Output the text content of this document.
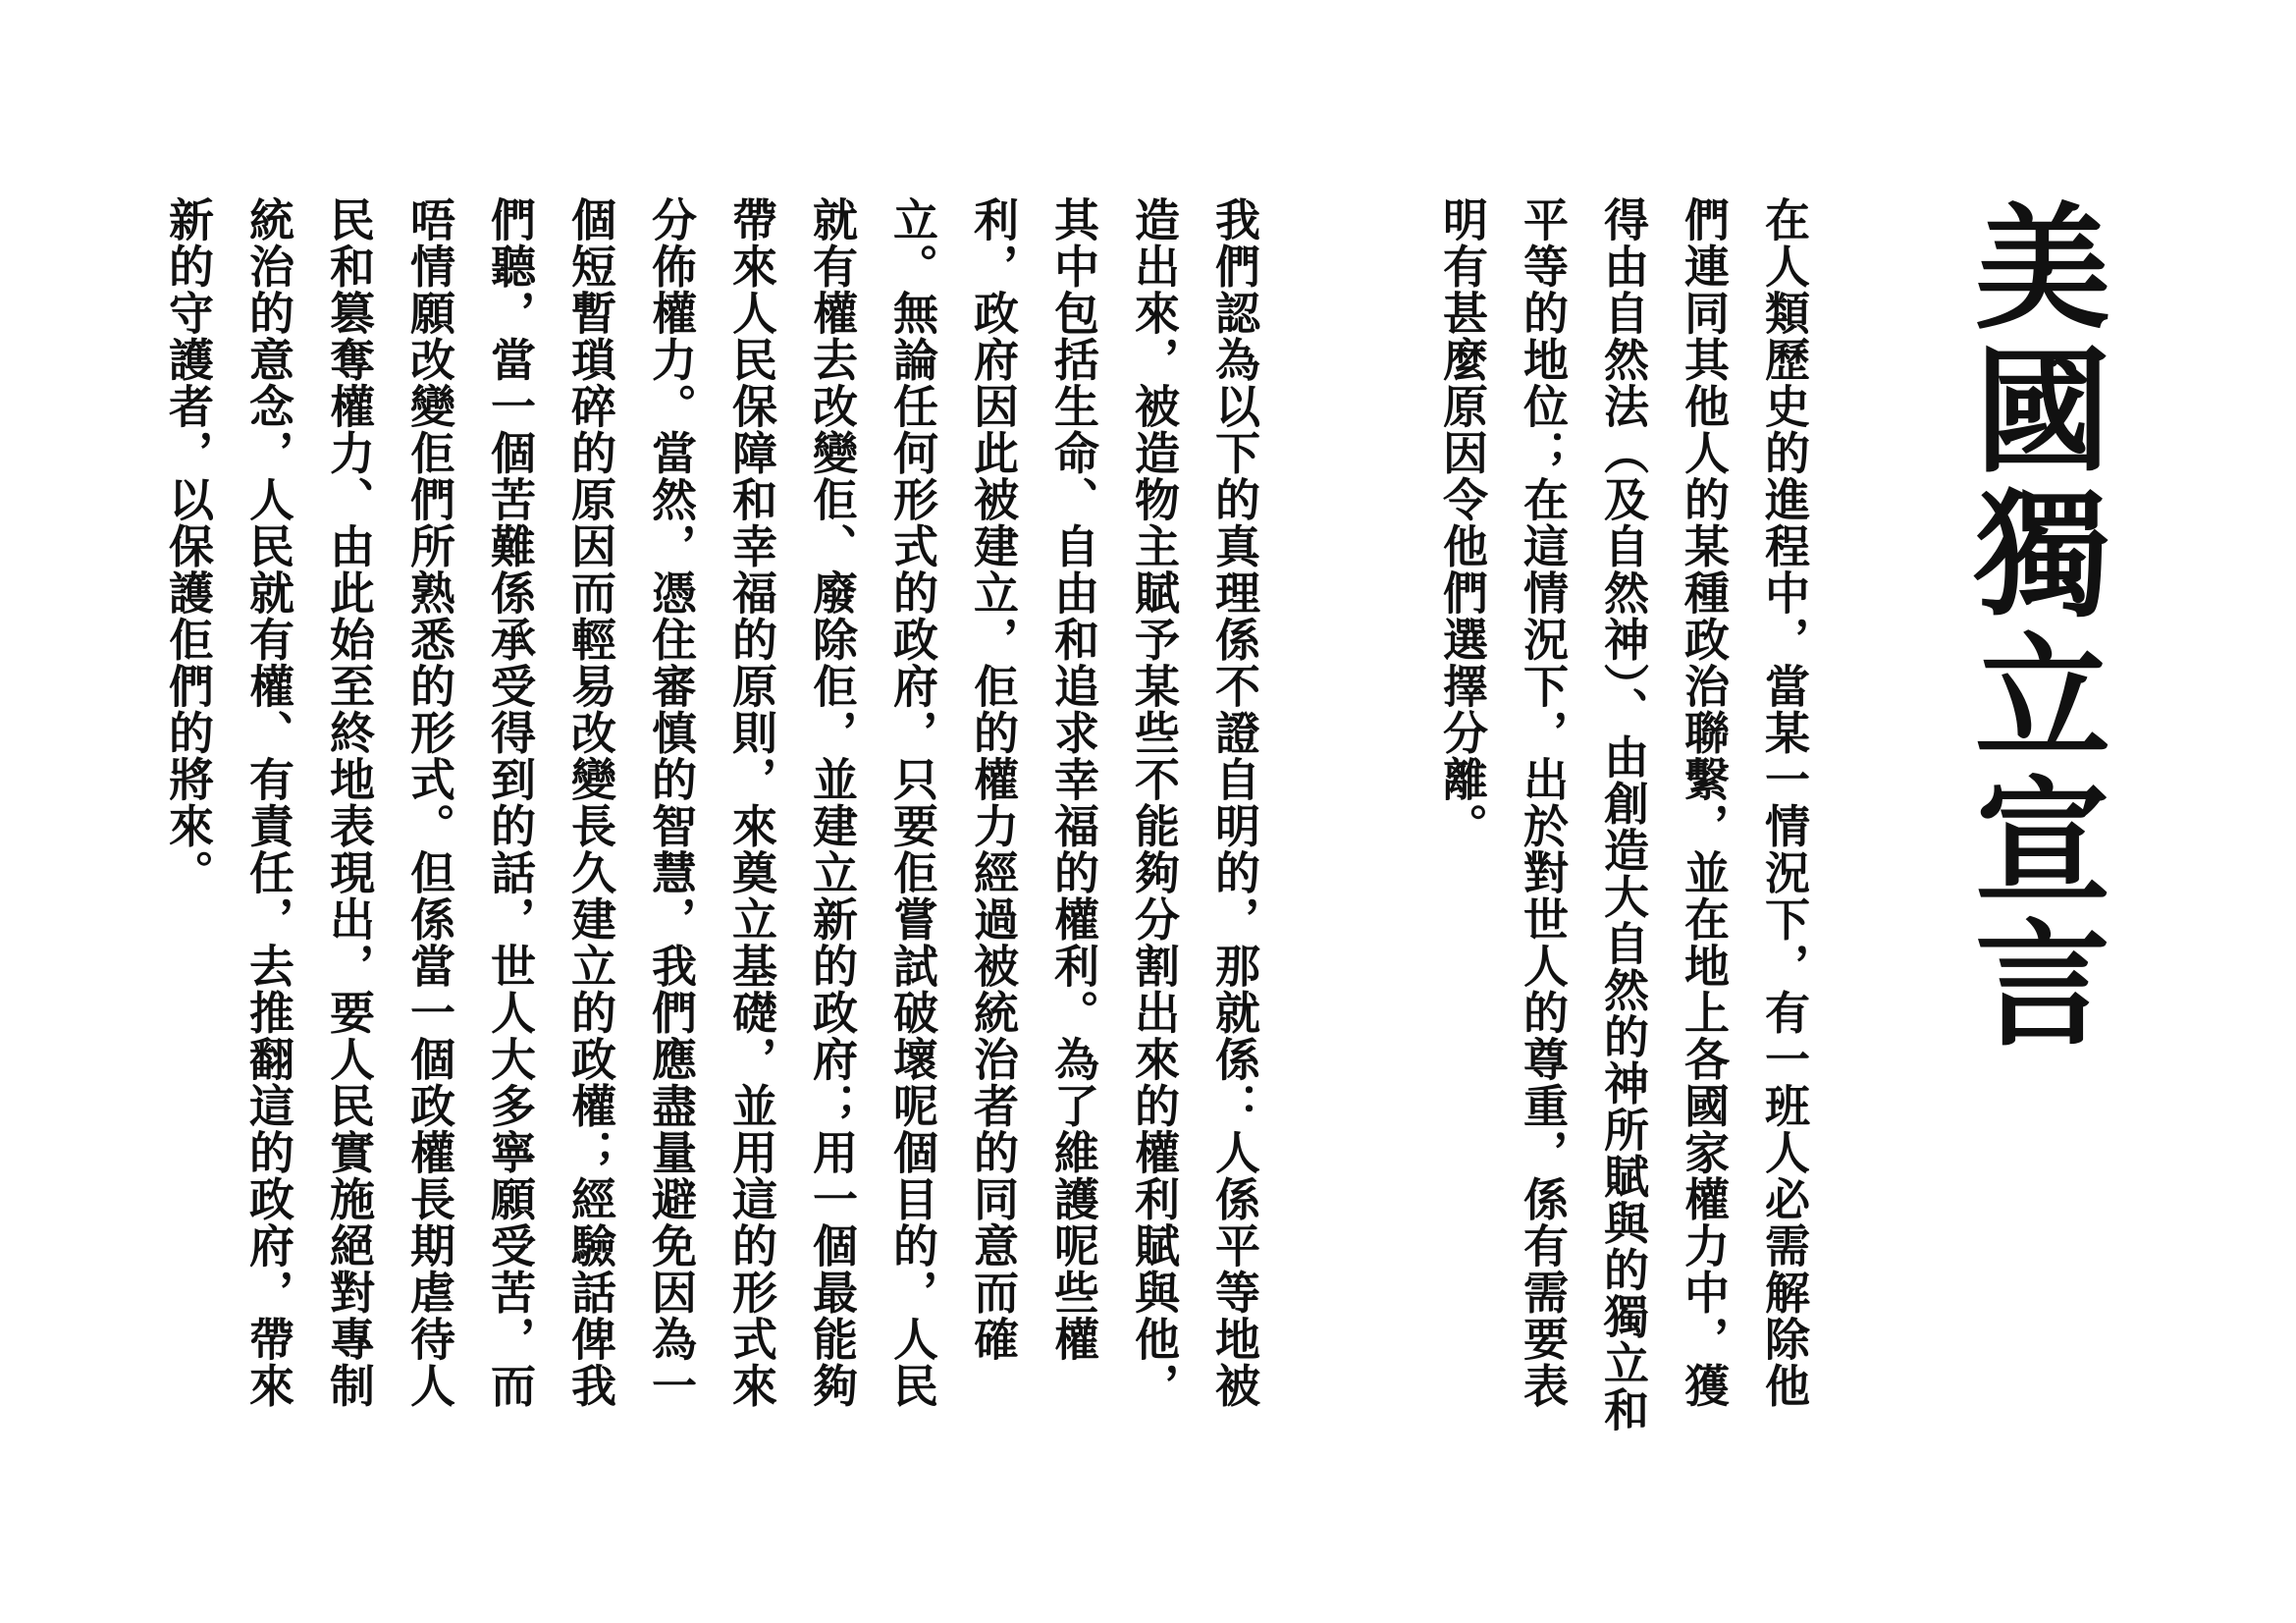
美國獨立宣言

在人類歷史的進程中，當某一情況下，有一班人必需解除他們連同其他人的某種政治聯繫，並在地上各國家權力中，獲得由自然法（及自然神）、由創造大自然的神所賦與的獨立和平等的地位；在這情況下，出於對世人的尊重，係有需要表明有甚麼原因令他們選擇分離。

我們認為以下的真理係不證自明的，那就係：人係平等地被造出來，被造物主賦予某些不能夠分割出來的權利賦與他，其中包括生命、自由和追求幸福的權利。為了維護呢些權利，政府因此被建立，佢的權力經過被統治者的同意而確立。無論任何形式的政府，只要佢嘗試破壞呢個目的，人民就有權去改變佢、廢除佢，並建立新的政府；用一個最能夠帶來人民保障和幸福的原則，來奠立基礎，並用這的形式來分佈權力。當然，憑住審慎的智慧，我們應盡量避免因為一個短暫瑣碎的原因而輕易改變長久建立的政權；經驗話俾我們聽，當一個苦難係承受得到的話，世人大多寧願受苦，而唔情願改變佢們所熟悉的形式。但係當一個政權長期虐待人民和篡奪權力、由此始至終地表現出，要人民實施絕對專制統治的意念，人民就有權、有責任，去推翻這的政府，帶來新的守護者，以保護佢們的將來。
